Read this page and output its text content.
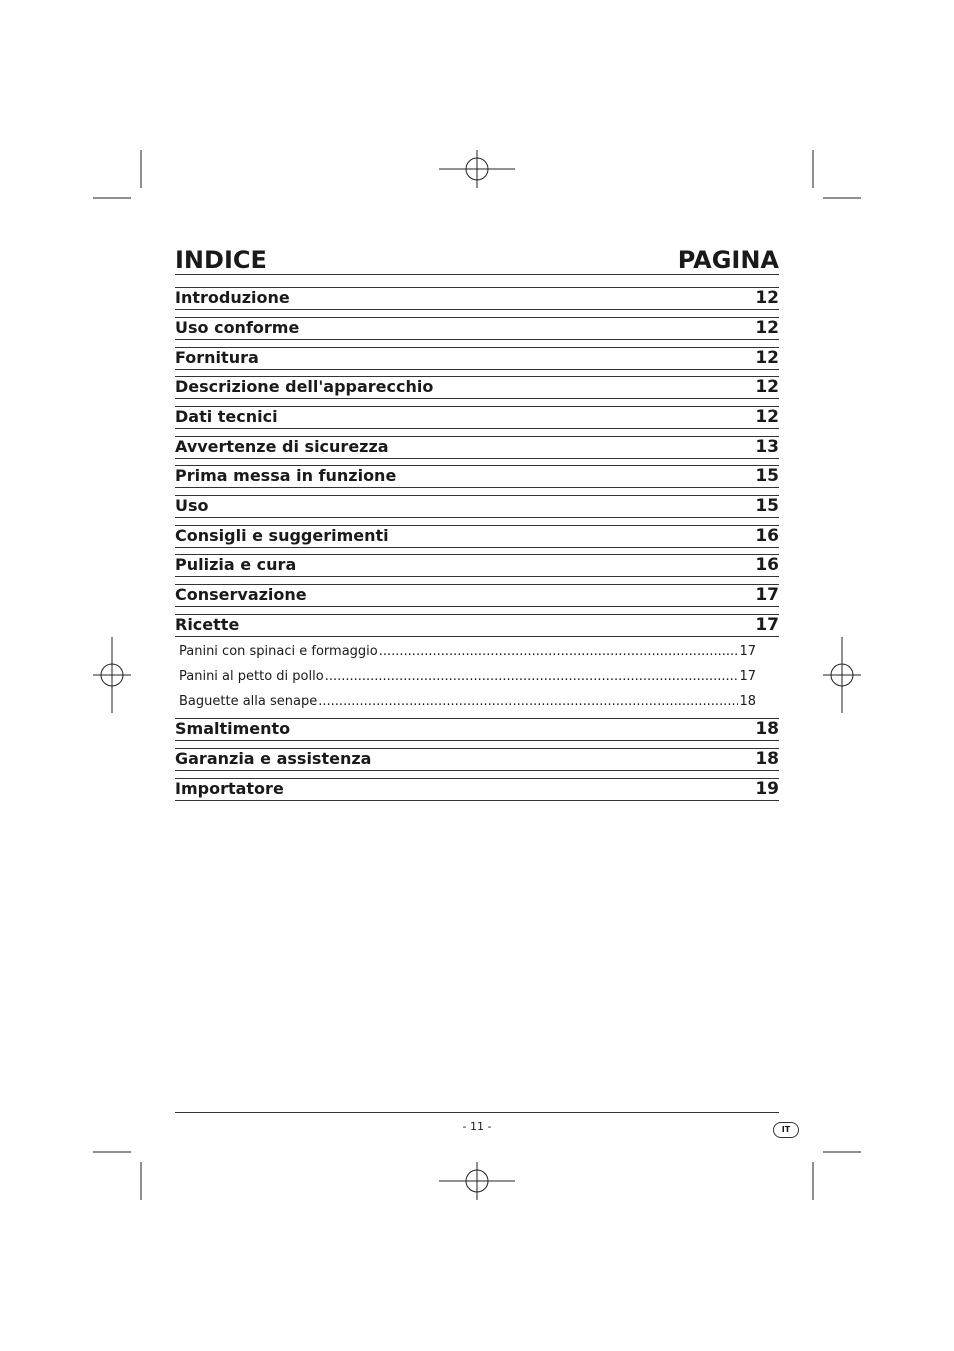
INDICE	PAGINA
Introduzione	12
Uso conforme	12
Fornitura	12
Descrizione dell'apparecchio	12
Dati tecnici	12
Avvertenze di sicurezza	13
Prima messa in funzione	15
Uso	15
Consigli e suggerimenti	16
Pulizia e cura	16
Conservazione	17
Ricette	17
Panini con spinaci e formaggio .....	17
Panini al petto di pollo .....	17
Baguette alla senape .....	18
Smaltimento	18
Garanzia e assistenza	18
Importatore	19
- 11 -	IT
